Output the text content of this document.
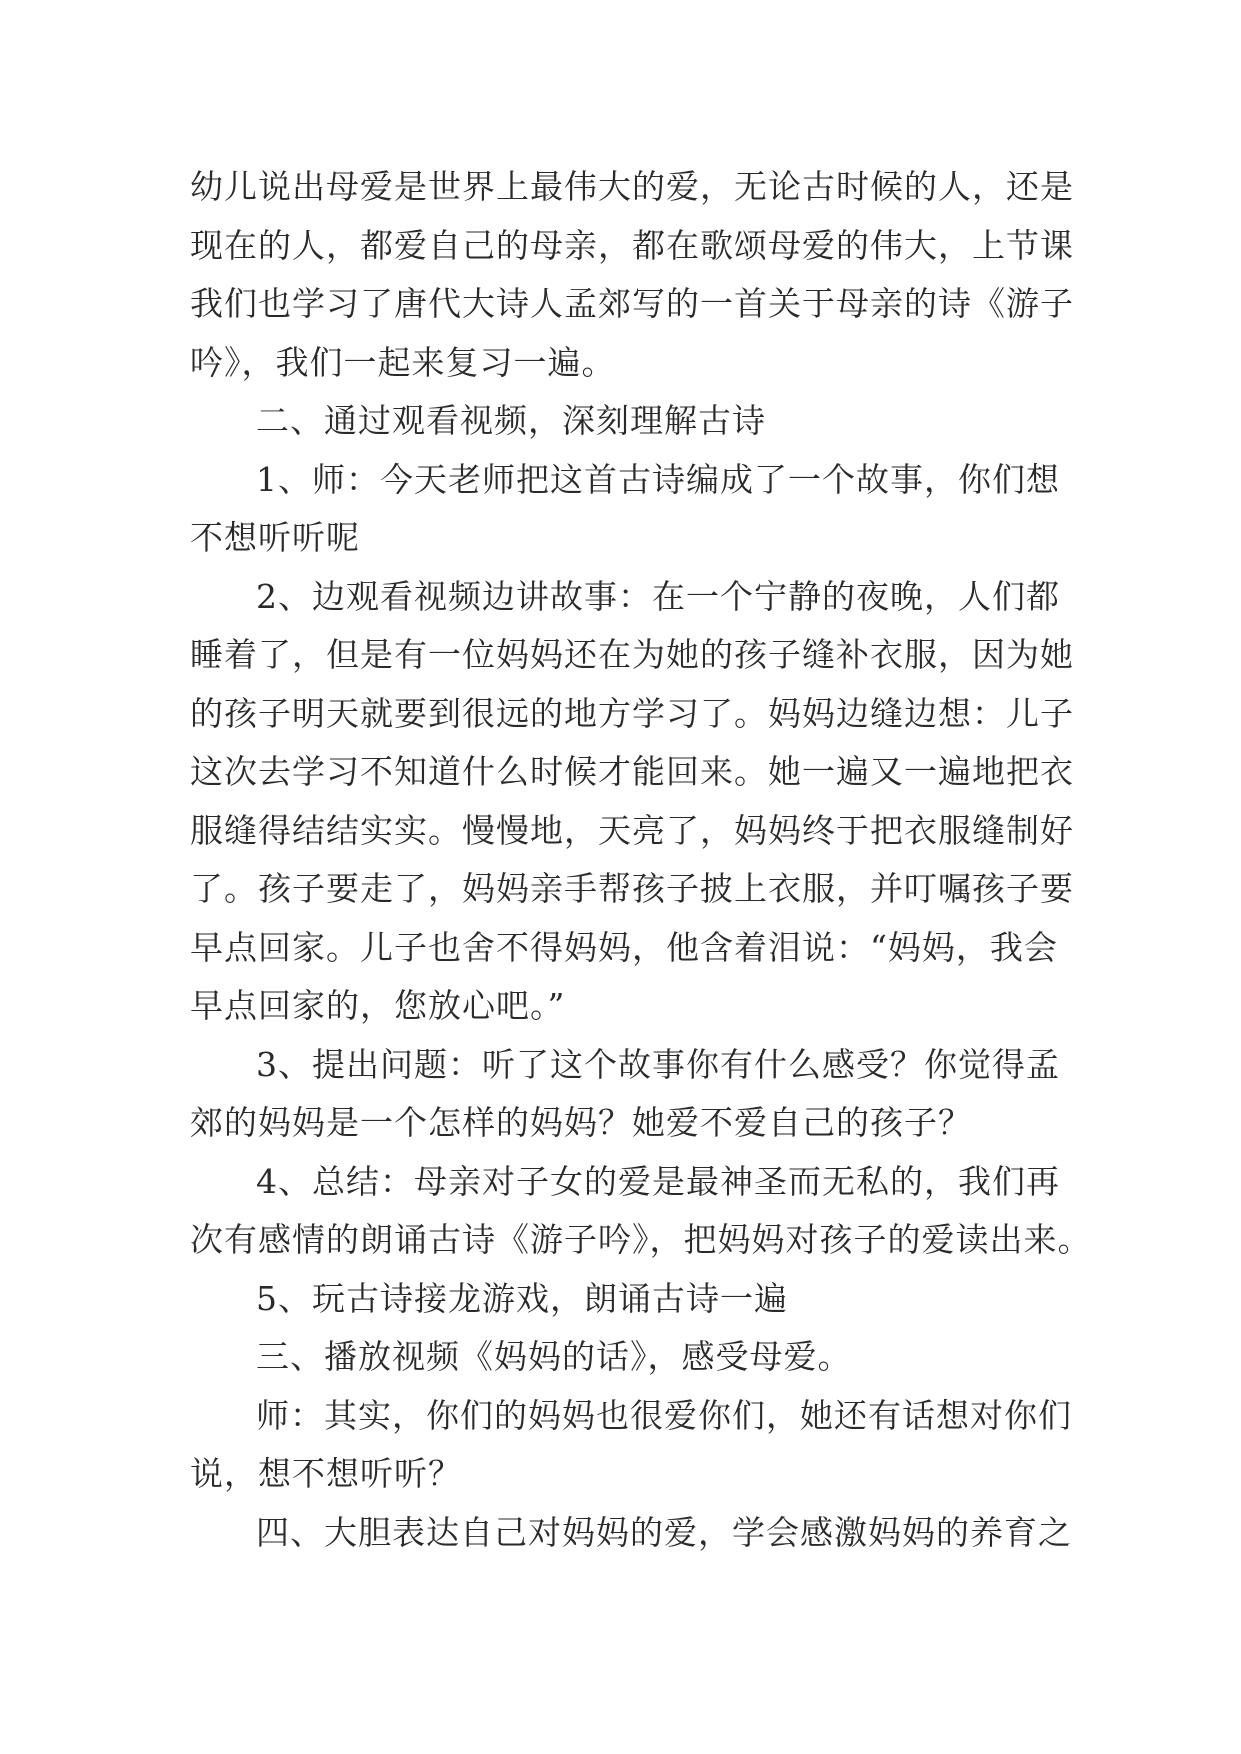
幼儿说出母爱是世界上最伟大的爱，无论古时候的人，还是
现在的人，都爱自己的母亲，都在歌颂母爱的伟大，上节课
我们也学习了唐代大诗人孟郊写的一首关于母亲的诗《游子
吟》，我们一起来复习一遍。
二、通过观看视频，深刻理解古诗
1、师：今天老师把这首古诗编成了一个故事，你们想
不想听听呢
2、边观看视频边讲故事：在一个宁静的夜晚，人们都
睡着了，但是有一位妈妈还在为她的孩子缝补衣服，因为她
的孩子明天就要到很远的地方学习了。妈妈边缝边想：儿子
这次去学习不知道什么时候才能回来。她一遍又一遍地把衣
服缝得结结实实。慢慢地，天亮了，妈妈终于把衣服缝制好
了。孩子要走了，妈妈亲手帮孩子披上衣服，并叮嘱孩子要
早点回家。儿子也舍不得妈妈，他含着泪说：“妈妈，我会
早点回家的，您放心吧。”
3、提出问题：听了这个故事你有什么感受？你觉得孟
郊的妈妈是一个怎样的妈妈？她爱不爱自己的孩子？
4、总结：母亲对子女的爱是最神圣而无私的，我们再
次有感情的朗诵古诗《游子吟》，把妈妈对孩子的爱读出来。
5、玩古诗接龙游戏，朗诵古诗一遍
三、播放视频《妈妈的话》，感受母爱。
师：其实，你们的妈妈也很爱你们，她还有话想对你们
说，想不想听听？
四、大胆表达自己对妈妈的爱，学会感激妈妈的养育之
